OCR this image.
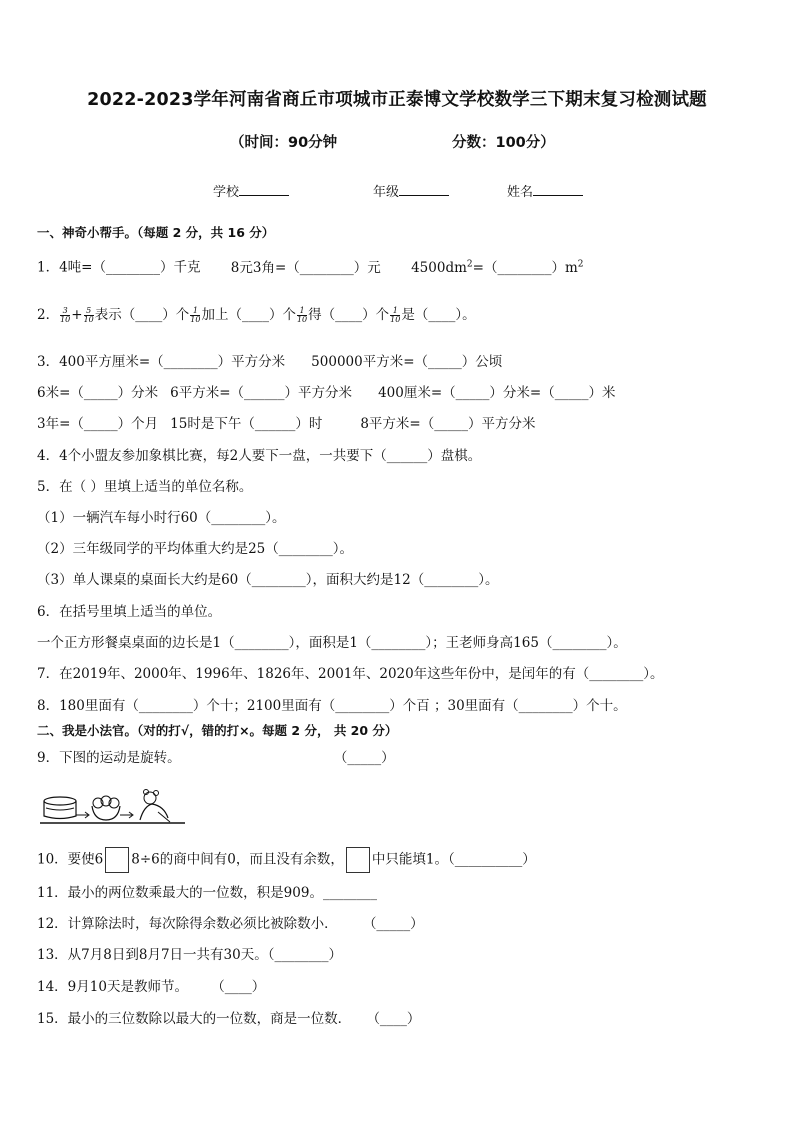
2022-2023学年河南省商丘市项城市正泰博文学校数学三下期末复习检测试题
（时间：90分钟	分数：100分）
学校	年级	姓名
一、神奇小帮手。（每题 2 分，共 16 分）
1．4吨=（________）千克 8元3角=（________）元 $4500dm^2=(\_\_\_\_\_\_\_\_)m^2$
2． $\frac{3}{10} + \frac{5}{10}$ 表示（____）个 $\frac{1}{10}$ 加上（____）个 $\frac{1}{10}$ 得（____）个 $\frac{1}{10}$ 是（____）。
3．400平方厘米=（________）平方分米 500000平方米=（_____）公顷
6米=（_____）分米 6平方米=（______）平方分米 400厘米=（_____）分米=（_____）米
3年=（_____）个月 15时是下午（______）时	8平方米=（_____）平方分米
4．4个小盟友参加象棋比赛，每2人要下一盘，一共要下（______）盘棋。
5．在（ ）里填上适当的单位名称。
（1）一辆汽车每小时行60（________）。
（2）三年级同学的平均体重大约是25（________）。
（3）单人课桌的桌面长大约是60（________），面积大约是12（________）。
6．在括号里填上适当的单位。
一个正方形餐桌桌面的边长是1（________），面积是1（________）；王老师身高165（________）。
7．在2019年、2000年、1996年、1826年、2001年、2020年这些年份中，是闰年的有（________）。
8．180里面有（________）个十；2100里面有（________）个百 ；30里面有（________）个十。
二、我是小法官。（对的打√，错的打×。每题 2 分， 共 20 分）
9．下图的运动是旋转。	（_____）
10．要使6 8÷6的商中间有0，而且没有余数， 中只能填1。（__________）
11．最小的两位数乘最大的一位数，积是909。________
12．计算除法时，每次除得余数必须比被除数小． （_____）
13．从7月8日到8月7日一共有30天。（________）
14．9月10天是教师节。 （____）
15．最小的三位数除以最大的一位数，商是一位数． （____）
